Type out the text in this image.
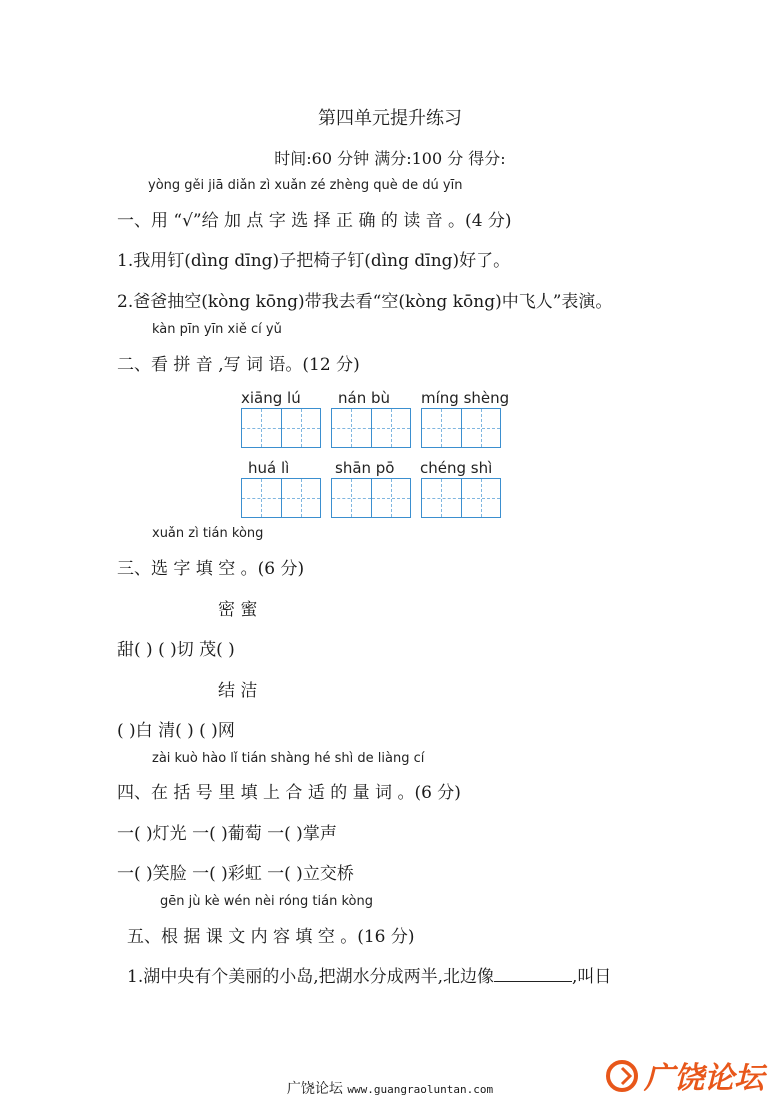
第四单元提升练习
时间:60 分钟 满分:100 分 得分:
yòng gěi jiā diǎn zì xuǎn zé zhèng què de dú yīn
一、用 “√”给 加 点 字 选 择 正 确 的 读 音 。(4 分)
1.我用钉(dìng dīng)子把椅子钉(dìng dīng)好了。
2.爸爸抽空(kòng kōng)带我去看“空(kòng kōng)中飞人”表演。
kàn pīn yīn xiě cí yǔ
二、看 拼 音 ,写 词 语。(12 分)
xiāng lú nán bù míng shèng
huá lì	shān pō chéng shì
xuǎn zì tián kòng
三、选 字 填 空 。(6 分)
密 蜜
甜( ) ( )切 茂( )
结 洁
( )白 清( ) ( )网
zài kuò hào lǐ tián shàng hé shì de liàng cí
四、在 括 号 里 填 上 合 适 的 量 词 。(6 分)
一( )灯光 一( )葡萄 一( )掌声
一( )笑脸 一( )彩虹 一( )立交桥
gēn jù kè wén nèi róng tián kòng
五、根 据 课 文 内 容 填 空 。(16 分)
1.湖中央有个美丽的小岛,把湖水分成两半,北边像	,叫日
广饶论坛 www.guangraoluntan.com	广饶论坛
